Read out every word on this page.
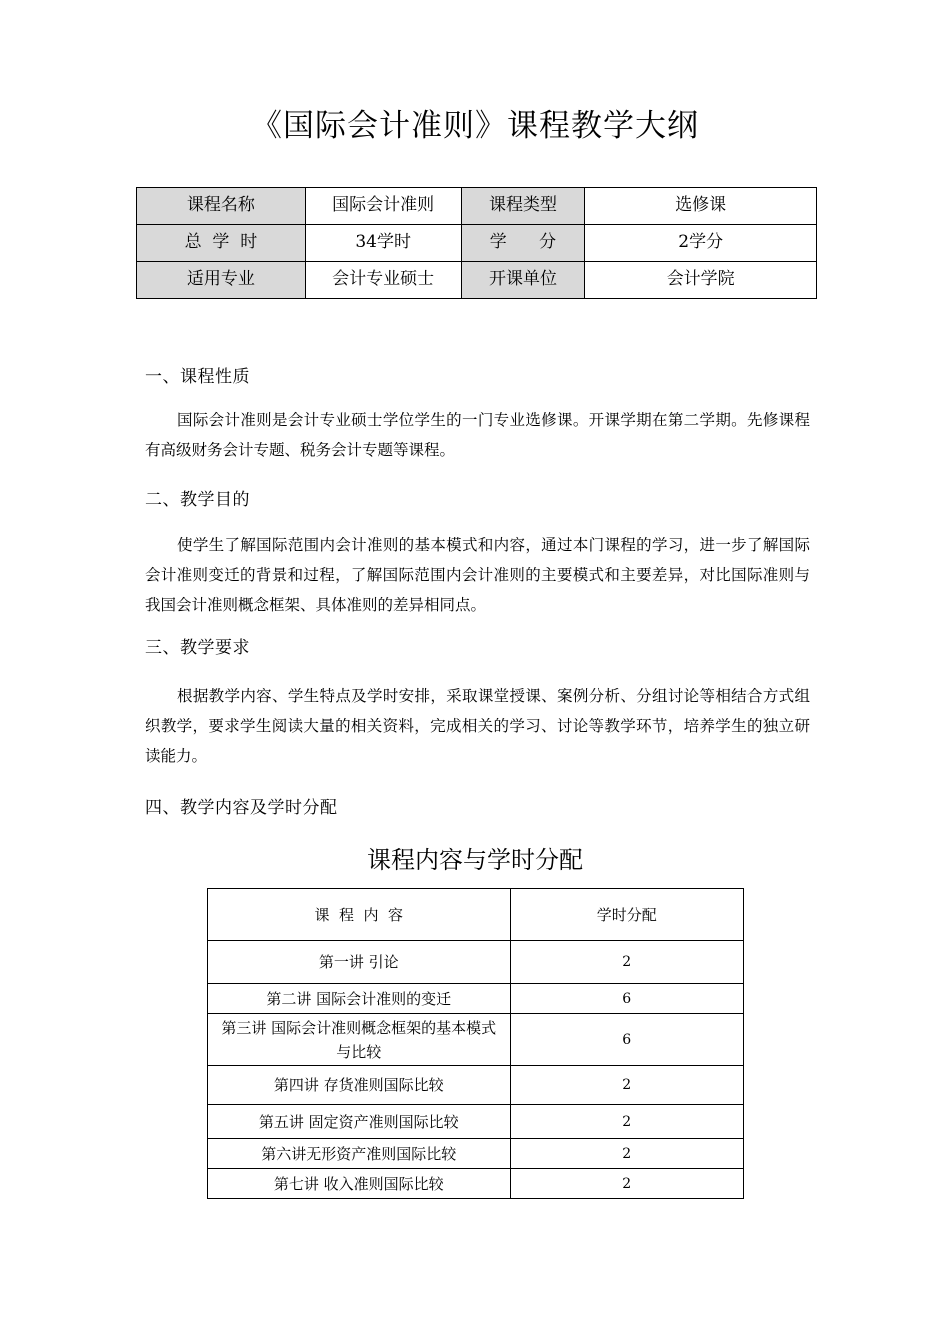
《国际会计准则》课程教学大纲
课程名称	国际会计准则	课程类型	选修课
总  学  时	34学时	学      分	2学分
适用专业	会计专业硕士	开课单位	会计学院
一、课程性质

国际会计准则是会计专业硕士学位学生的一门专业选修课。开课学期在第二学期。先修课程有高级财务会计专题、税务会计专题等课程。

二、教学目的

使学生了解国际范围内会计准则的基本模式和内容，通过本门课程的学习，进一步了解国际会计准则变迁的背景和过程，了解国际范围内会计准则的主要模式和主要差异，对比国际准则与我国会计准则概念框架、具体准则的差异相同点。

三、教学要求

根据教学内容、学生特点及学时安排，采取课堂授课、案例分析、分组讨论等相结合方式组织教学，要求学生阅读大量的相关资料，完成相关的学习、讨论等教学环节，培养学生的独立研读能力。

四、教学内容及学时分配
课程内容与学时分配
课  程  内  容	学时分配
第一讲 引论	2
第二讲 国际会计准则的变迁	6
第三讲 国际会计准则概念框架的基本模式与比较	6
第四讲 存货准则国际比较	2
第五讲 固定资产准则国际比较	2
第六讲无形资产准则国际比较	2
第七讲 收入准则国际比较	2
